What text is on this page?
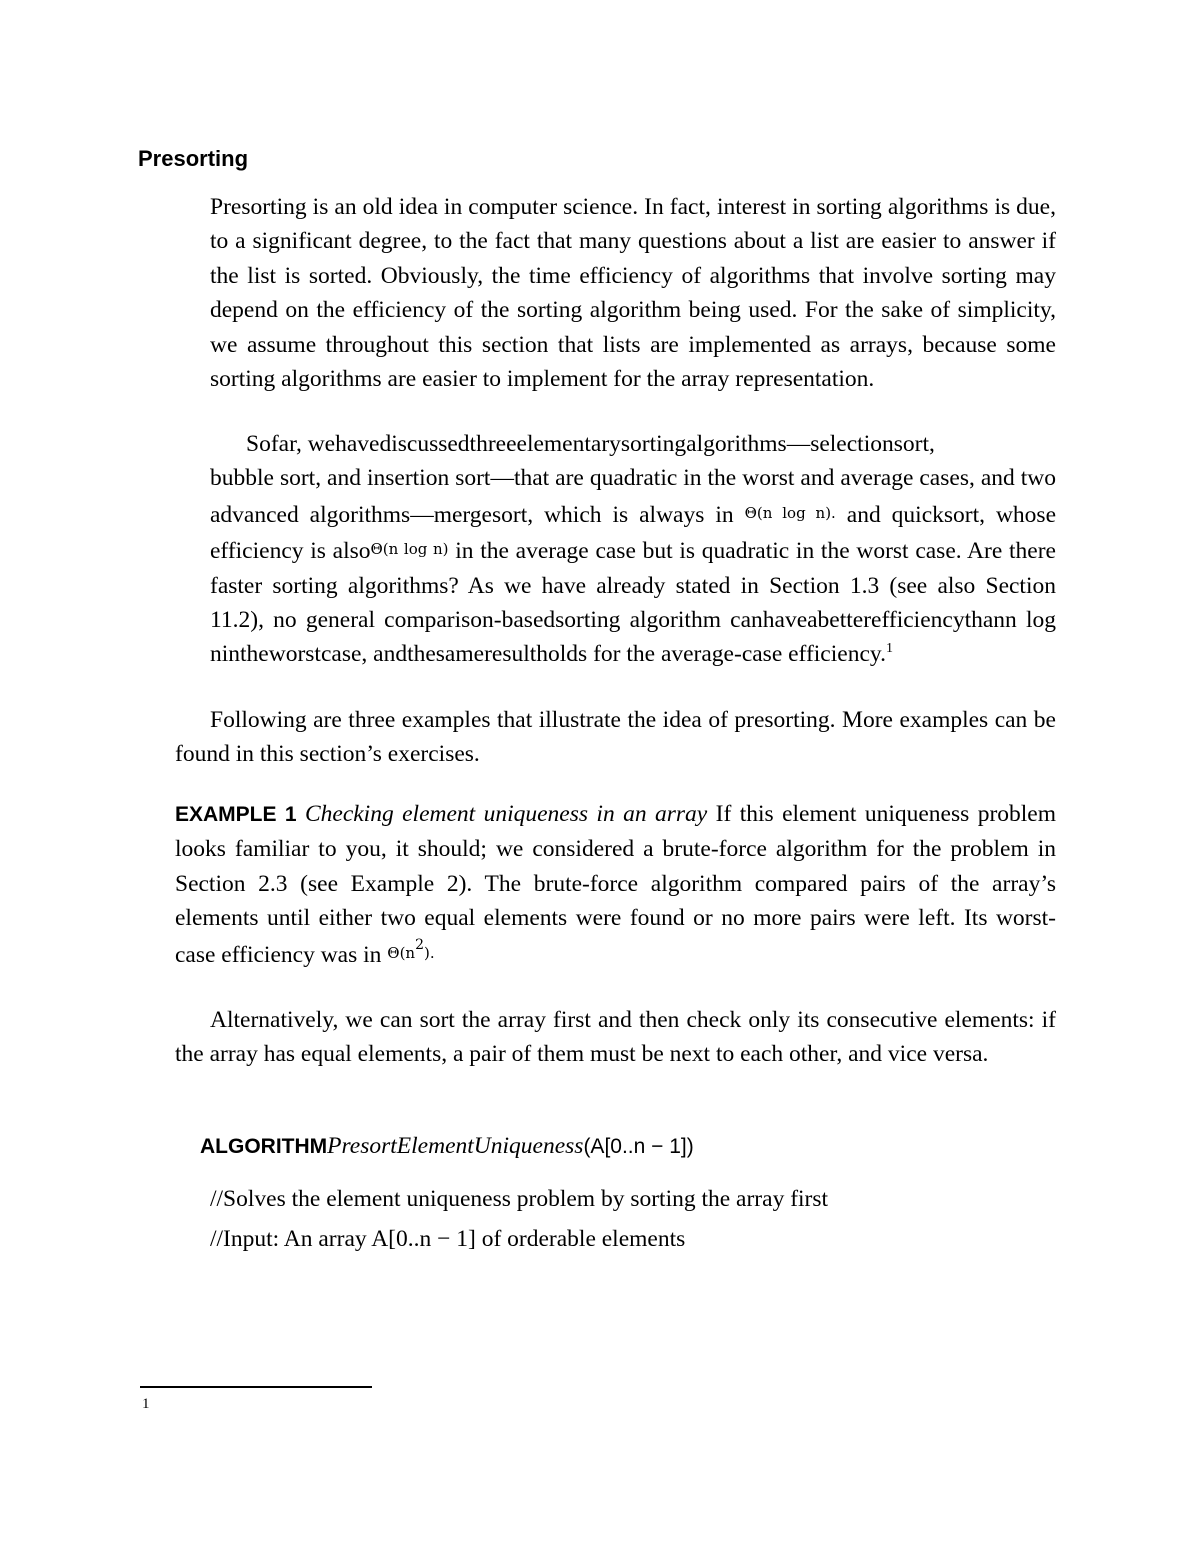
Presorting

Presorting is an old idea in computer science. In fact, interest in sorting algorithms is due, to a significant degree, to the fact that many questions about a list are easier to answer if the list is sorted. Obviously, the time efficiency of algorithms that involve sorting may depend on the efficiency of the sorting algorithm being used. For the sake of simplicity, we assume throughout this section that lists are implemented as arrays, because some sorting algorithms are easier to implement for the array representation.

Sofar, wehavediscussedthreeelementarysortingalgorithms—selectionsort,
bubble sort, and insertion sort—that are quadratic in the worst and average cases, and two advanced algorithms—mergesort, which is always in Θ(n log n). and quicksort, whose efficiency is alsoΘ(n log n) in the average case but is quadratic in the worst case. Are there faster sorting algorithms? As we have already stated in Section 1.3 (see also Section 11.2), no general comparison-basedsorting algorithm canhaveabetterefficiencythann log ninthewors​tcase, andthesameresultholds for the average-case efficiency.$^1$

Following are three examples that illustrate the idea of presorting. More examples can be found in this section’s exercises.

EXAMPLE 1 Checking element uniqueness in an array If this element uniqueness problem looks familiar to you, it should; we considered a brute-force algorithm for the problem in Section 2.3 (see Example 2). The brute-force algorithm compared pairs of the array’s elements until either two equal elements were found or no more pairs were left. Its worst-case efficiency was in Θ(n2).

Alternatively, we can sort the array first and then check only its consecutive elements: if the array has equal elements, a pair of them must be next to each other, and vice versa.

ALGORITHMPresortElementUniqueness(A[0..n − 1])
//Solves the element uniqueness problem by sorting the array first
//Input: An array A[0..n − 1] of orderable elements
1
